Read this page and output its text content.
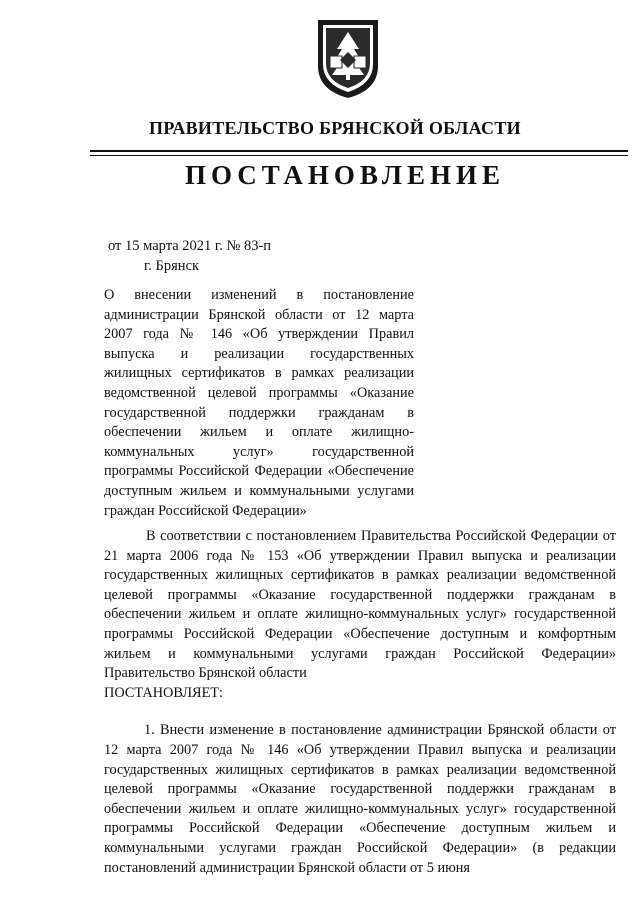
ПРАВИТЕЛЬСТВО БРЯНСКОЙ ОБЛАСТИ
ПОСТАНОВЛЕНИЕ
от 15 марта 2021 г. № 83-п
г. Брянск
О внесении изменений в постановление администрации Брянской области от 12 марта 2007 года № 146 «Об утверждении Правил выпуска и реализации государственных жилищных сертификатов в рамках реализации ведомственной целевой программы «Оказание государственной поддержки гражданам в обеспечении жильем и оплате жилищно-коммунальных услуг» государственной программы Российской Федерации «Обеспечение доступным жильем и коммунальными услугами граждан Российской Федерации»

В соответствии с постановлением Правительства Российской Федерации от 21 марта 2006 года № 153 «Об утверждении Правил выпуска и реализации государственных жилищных сертификатов в рамках реализации ведомственной целевой программы «Оказание государственной поддержки гражданам в обеспечении жильем и оплате жилищно-коммунальных услуг» государственной программы Российской Федерации «Обеспечение доступным и комфортным жильем и коммунальными услугами граждан Российской Федерации» Правительство Брянской области

ПОСТАНОВЛЯЕТ:

1. Внести изменение в постановление администрации Брянской области от 12 марта 2007 года № 146 «Об утверждении Правил выпуска и реализации государственных жилищных сертификатов в рамках реализации ведомственной целевой программы «Оказание государственной поддержки гражданам в обеспечении жильем и оплате жилищно-коммунальных услуг» государственной программы Российской Федерации «Обеспечение доступным жильем и коммунальными услугами граждан Российской Федерации» (в редакции постановлений администрации Брянской области от 5 июня
